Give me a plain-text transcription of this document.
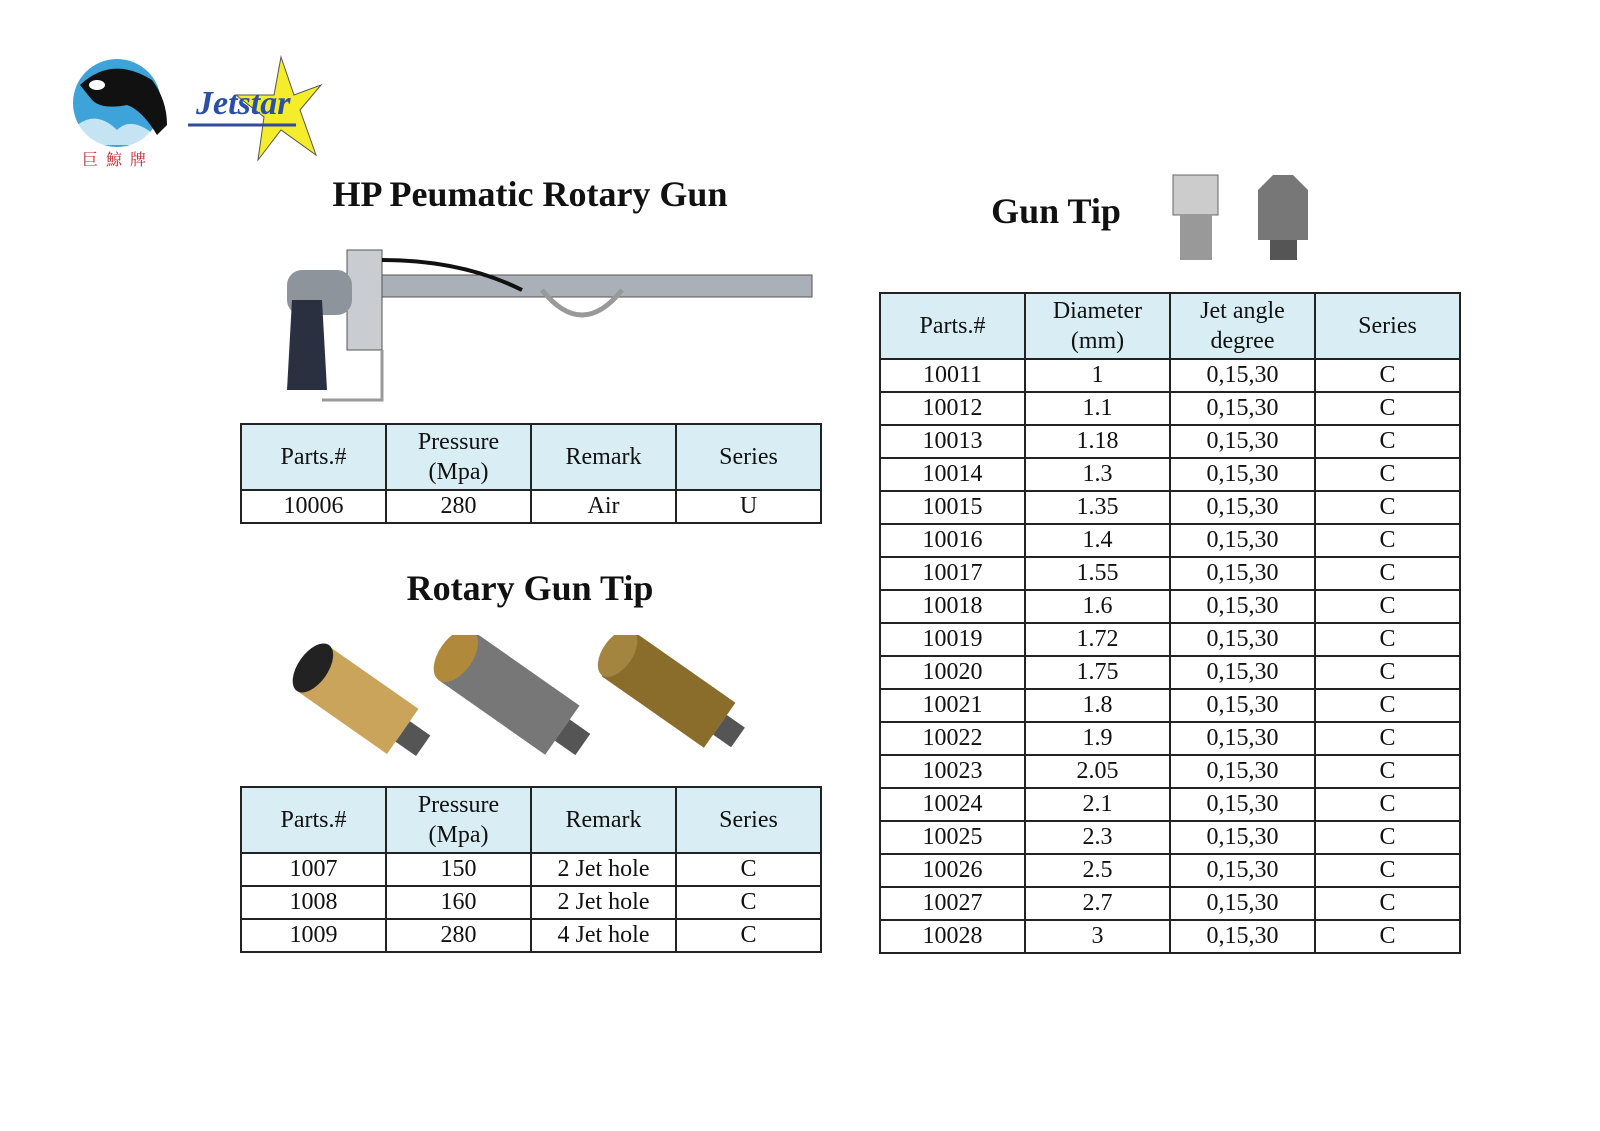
巨鯨牌
Jetstar
HP Peumatic Rotary Gun
Parts.#	Pressure (Mpa)	Remark	Series
10006	280	Air	U
Rotary Gun Tip
Parts.#	Pressure (Mpa)	Remark	Series
1007	150	2 Jet hole	C
1008	160	2 Jet hole	C
1009	280	4 Jet hole	C
Gun Tip
Parts.#	Diameter (mm)	Jet angle degree	Series
10011	1	0,15,30	C
10012	1.1	0,15,30	C
10013	1.18	0,15,30	C
10014	1.3	0,15,30	C
10015	1.35	0,15,30	C
10016	1.4	0,15,30	C
10017	1.55	0,15,30	C
10018	1.6	0,15,30	C
10019	1.72	0,15,30	C
10020	1.75	0,15,30	C
10021	1.8	0,15,30	C
10022	1.9	0,15,30	C
10023	2.05	0,15,30	C
10024	2.1	0,15,30	C
10025	2.3	0,15,30	C
10026	2.5	0,15,30	C
10027	2.7	0,15,30	C
10028	3	0,15,30	C
